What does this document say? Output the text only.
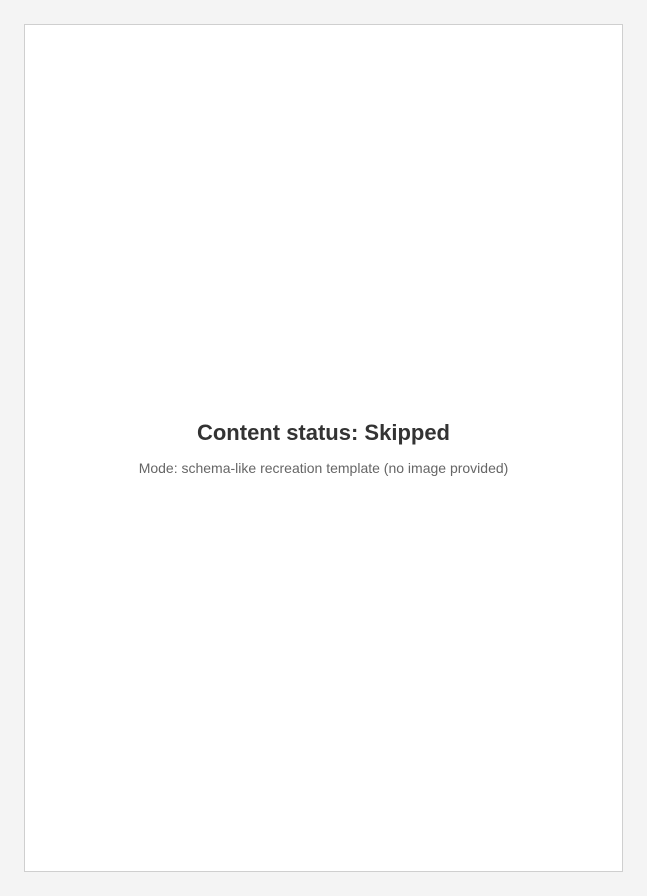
Content status: Skipped
Mode: schema-like recreation template (no image provided)
